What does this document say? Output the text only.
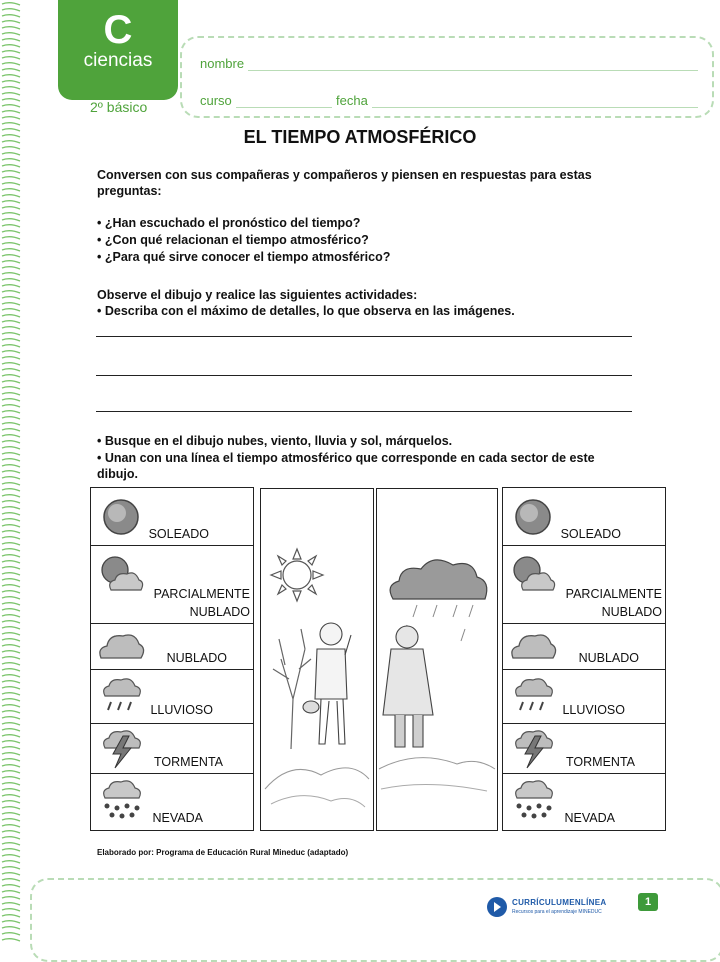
C
ciencias
2º básico
nombre
curso	fecha
EL TIEMPO ATMOSFÉRICO
Conversen con sus compañeras y compañeros y piensen en respuestas para estas
preguntas:
• ¿Han escuchado el pronóstico del tiempo?
• ¿Con qué relacionan el tiempo atmosférico?
• ¿Para qué sirve conocer el tiempo atmosférico?
Observe el dibujo y realice las siguientes actividades:
• Describa con el máximo de detalles, lo que observa en las imágenes.
• Busque en el dibujo nubes, viento, lluvia y sol, márquelos.
• Unan con una línea el tiempo atmosférico que corresponde en cada sector de este
dibujo.
SOLEADO
PARCIALMENTE
NUBLADO
NUBLADO
LLUVIOSO
TORMENTA
NEVADA
SOLEADO
PARCIALMENTE
NUBLADO
NUBLADO
LLUVIOSO
TORMENTA
NEVADA
Elaborado por: Programa de Educación Rural Mineduc (adaptado)
CURRÍCULUMENLÍNEA
Recursos para el aprendizaje MINEDUC
1
